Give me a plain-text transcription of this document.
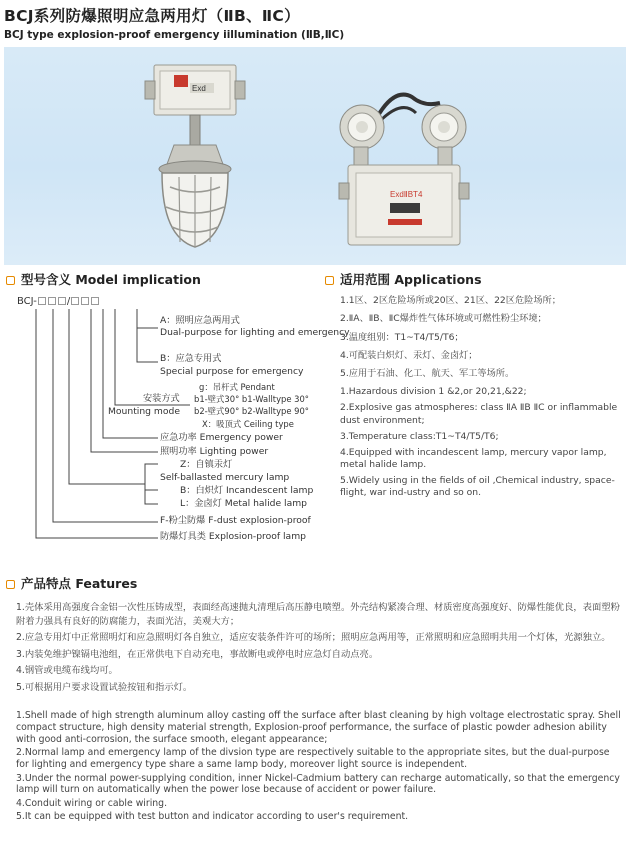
BCJ系列防爆照明应急两用灯（ⅡB、ⅡC）
BCJ type explosion-proof emergency iillumination (ⅡB,ⅡC)
Exd
ExdⅡBT4
型号含义 Model implication
BCJ-	/
A：照明应急两用式
Dual-purpose for lighting and emergency
B：应急专用式
Special purpose for emergency
安装方式
Mounting mode
g：吊杆式 Pendant
b1-壁式30° b1-Walltype 30°
b2-壁式90° b2-Walltype 90°
X：吸顶式 Ceiling type
应急功率 Emergency power
照明功率 Lighting power
Z：自镇汞灯
Self-ballasted mercury lamp
B：白炽灯 Incandescent lamp
L：金卤灯 Metal halide lamp
F-粉尘防爆 F-dust explosion-proof
防爆灯具类 Explosion-proof lamp
适用范围 Applications
1.1区、2区危险场所或20区、21区、22区危险场所；
2.ⅡA、ⅡB、ⅡC爆炸性气体环境或可燃性粉尘环境；
3.温度组别：T1~T4/T5/T6；
4.可配装白炽灯、汞灯、金卤灯；
5.应用于石油、化工、航天、军工等场所。
1.Hazardous division 1 &2,or 20,21,&22;
2.Explosive gas atmospheres: class ⅡA ⅡB ⅡC or inflammable dust environment;
3.Temperature class:T1~T4/T5/T6;
4.Equipped with incandescent lamp, mercury vapor lamp, metal halide lamp.
5.Widely using in the fields of oil ,Chemical industry, space-flight, war ind-ustry and so on.
产品特点 Features
1.壳体采用高强度合金铝一次性压铸成型，表面经高速抛丸清理后高压静电喷塑。外壳结构紧凑合理、材质密度高强度好、防爆性能优良，表面塑粉附着力强具有良好的防腐能力，表面光洁，美观大方；
2.应急专用灯中正常照明灯和应急照明灯各自独立，适应安装条件许可的场所；照明应急两用等，正常照明和应急照明共用一个灯体，光源独立。
3.内装免维护镍镉电池组，在正常供电下自动充电，事故断电或停电时应急灯自动点亮。
4.钢管或电缆布线均可。
5.可根据用户要求设置试验按钮和指示灯。
1.Shell made of high strength aluminum alloy casting off the surface after blast cleaning by high voltage electrostatic spray. Shell compact structure, high density material strength, Explosion-proof performance, the surface of plastic powder adhesion ability with good anti-corrosion, the surface smooth, elegant appearance;
2.Normal lamp and emergency lamp of the divsion type are respectively suitable to the appropriate sites, but the dual-purpose for lighting and emergency type share a same lamp body, moreover light source is independent.
3.Under the normal power-supplying condition, inner Nickel-Cadmium battery can recharge automatically, so that the emergency lamp will turn on automatically when the power lose because of accident or power failure.
4.Conduit wiring or cable wiring.
5.It can be equipped with test button and indicator according to user's requirement.
